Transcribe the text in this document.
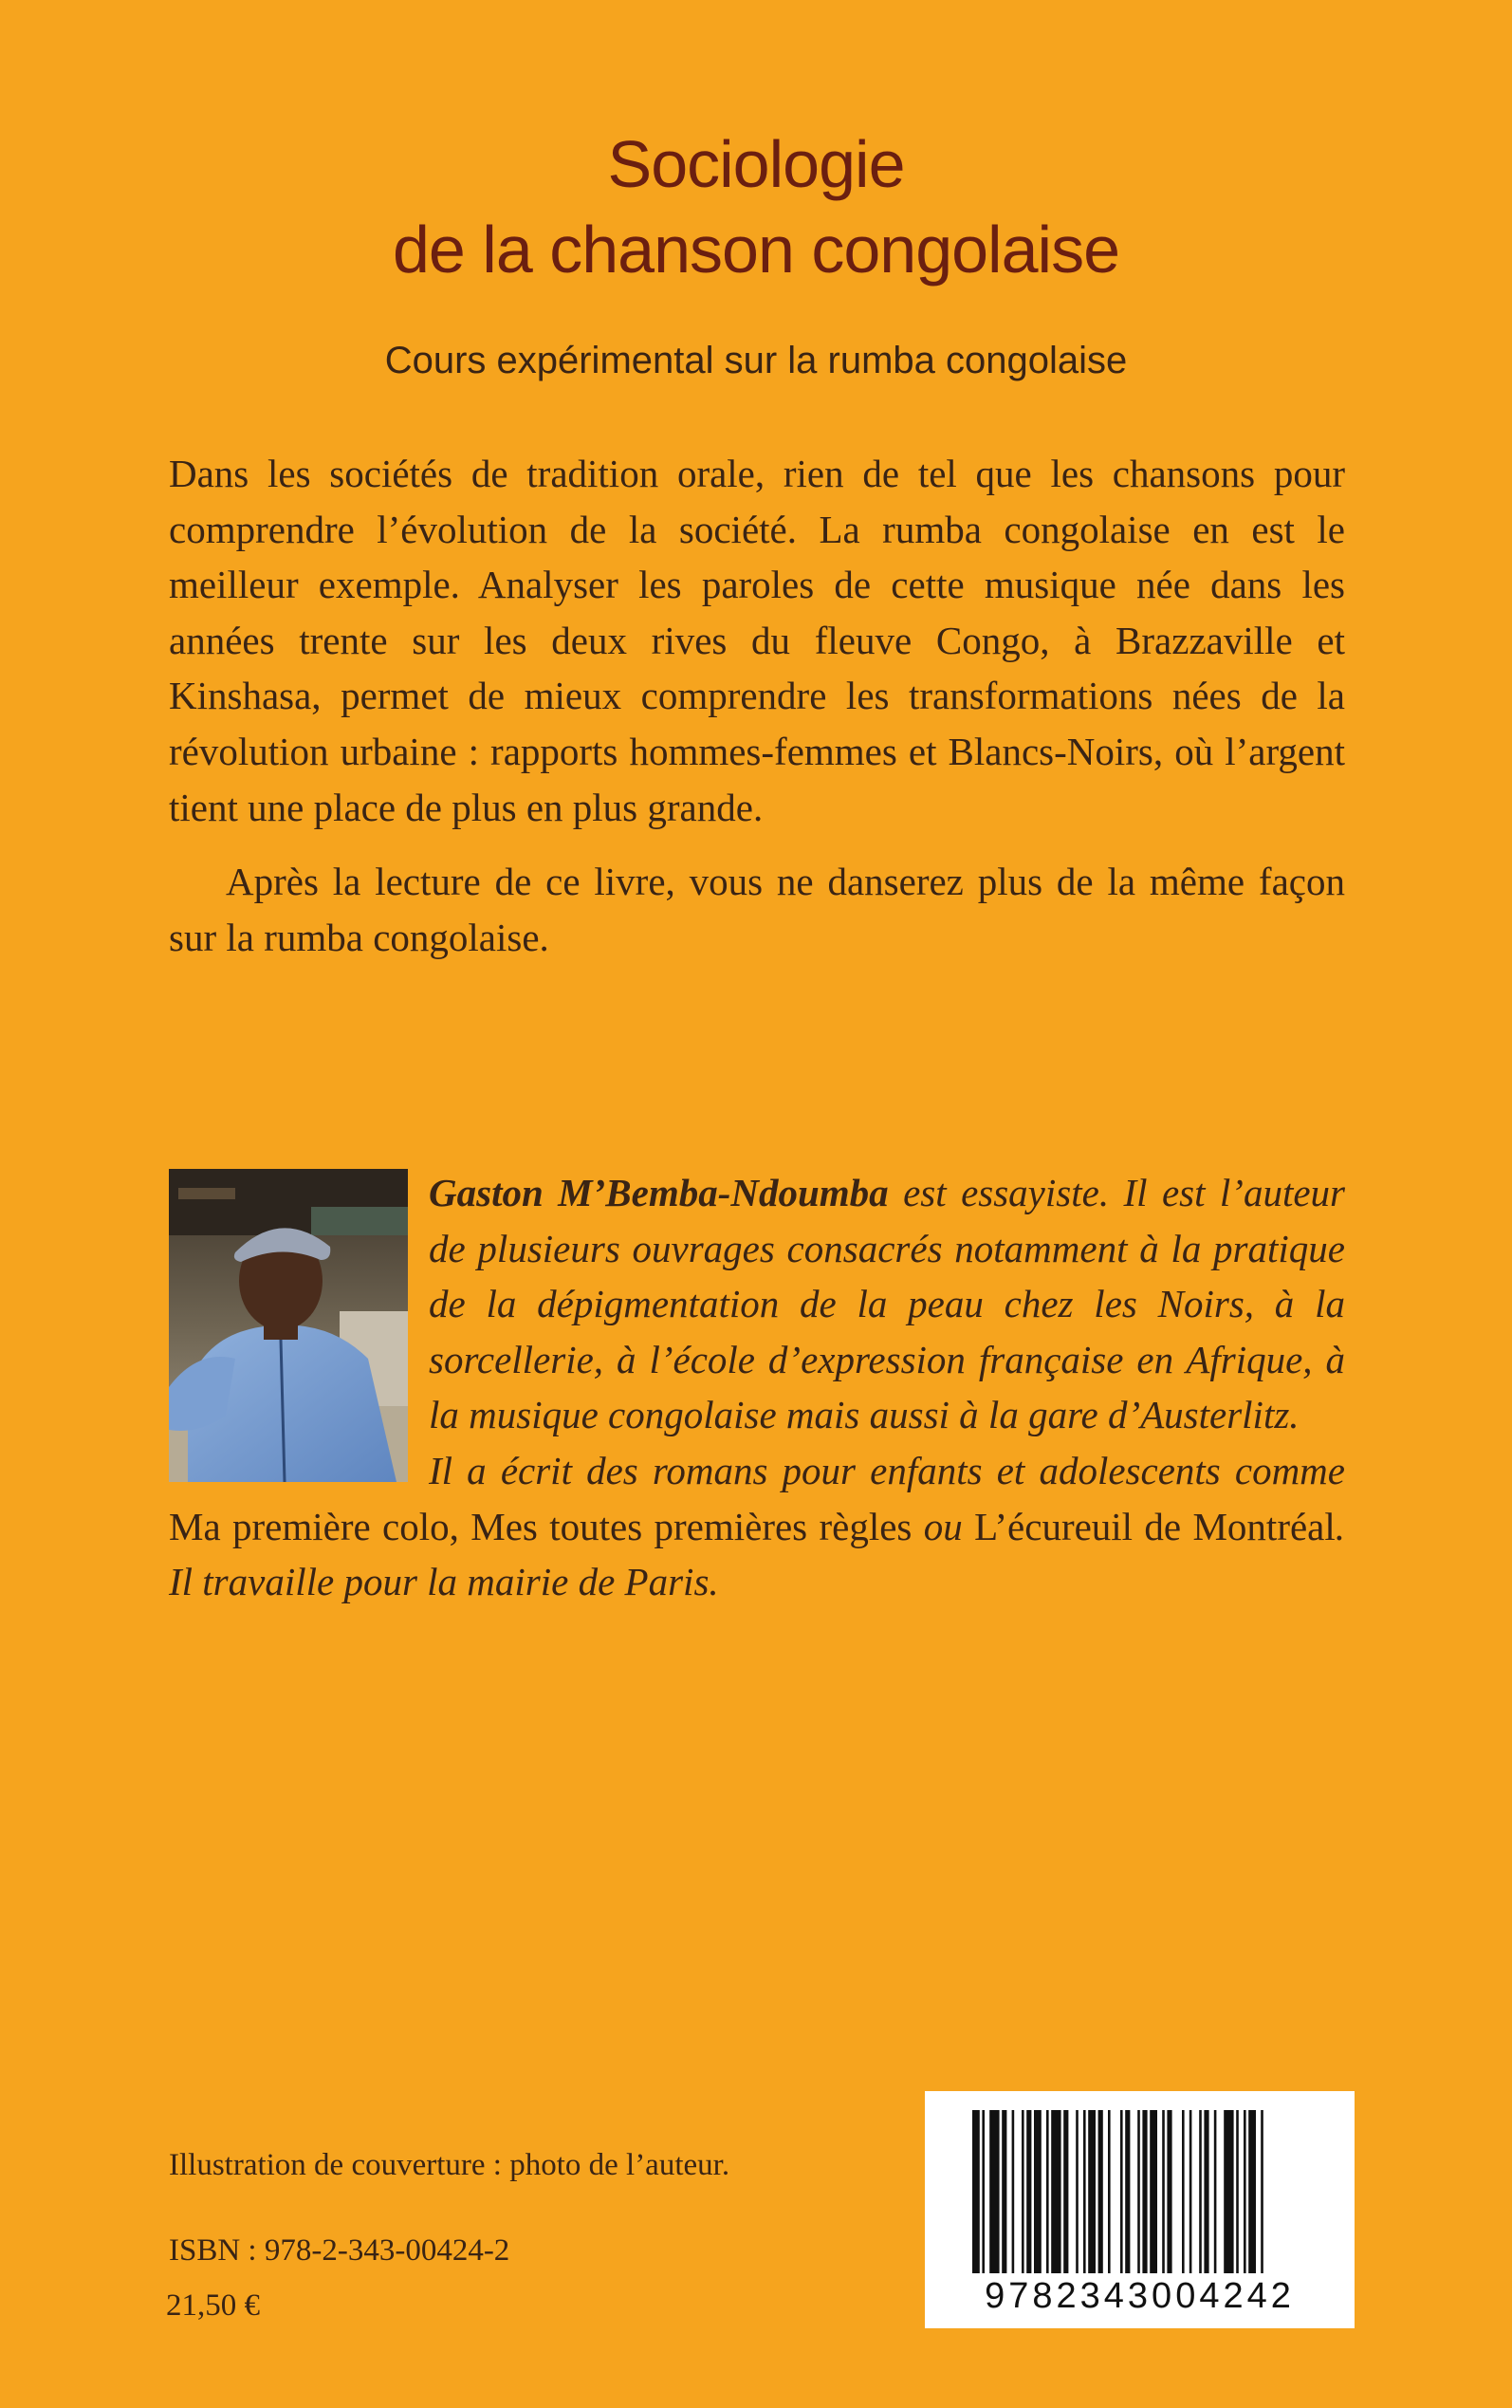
Sociologie
de la chanson congolaise
Cours expérimental sur la rumba congolaise

Dans les sociétés de tradition orale, rien de tel que les chansons pour comprendre l’évolution de la société. La rumba congolaise en est le meilleur exemple. Analyser les paroles de cette musique née dans les années trente sur les deux rives du fleuve Congo, à Brazzaville et Kinshasa, permet de mieux comprendre les transformations nées de la révolution urbaine : rapports hommes-femmes et Blancs-Noirs, où l’argent tient une place de plus en plus grande.

Après la lecture de ce livre, vous ne danserez plus de la même façon sur la rumba congolaise.

Gaston M’Bemba-Ndoumba est essayiste. Il est l’auteur de plusieurs ouvrages consacrés notamment à la pratique de la dépigmentation de la peau chez les Noirs, à la sorcellerie, à l’école d’expression française en Afrique, à la musique congolaise mais aussi à la gare d’Austerlitz.

Il a écrit des romans pour enfants et adolescents comme Ma première colo, Mes toutes premières règles ou L’écureuil de Montréal. Il travaille pour la mairie de Paris.

Illustration de couverture : photo de l’auteur.
ISBN : 978-2-343-00424-2
21,50 €	9782343004242
